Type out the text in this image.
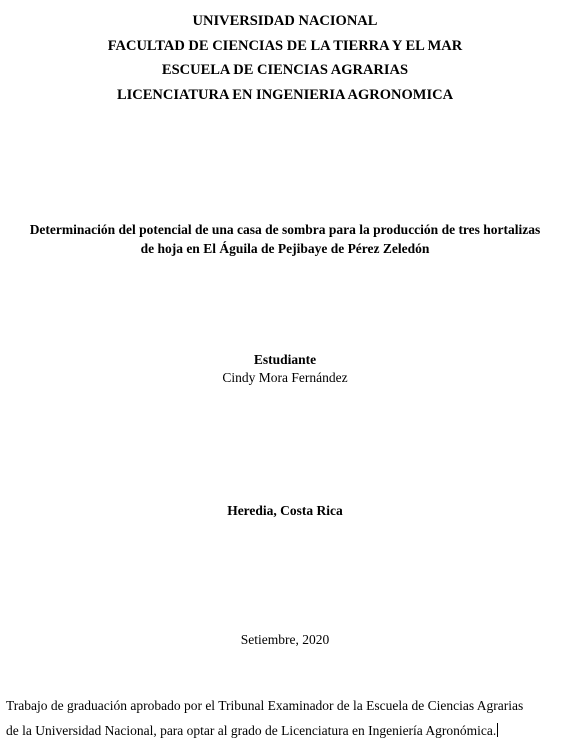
UNIVERSIDAD NACIONAL
FACULTAD DE CIENCIAS DE LA TIERRA Y EL MAR
ESCUELA DE CIENCIAS AGRARIAS
LICENCIATURA EN INGENIERIA AGRONOMICA
Determinación del potencial de una casa de sombra para la producción de tres hortalizas
de hoja en El Águila de Pejibaye de Pérez Zeledón
Estudiante
Cindy Mora Fernández
Heredia, Costa Rica
Setiembre, 2020
Trabajo de graduación aprobado por el Tribunal Examinador de la Escuela de Ciencias Agrarias
de la Universidad Nacional, para optar al grado de Licenciatura en Ingeniería Agronómica.
